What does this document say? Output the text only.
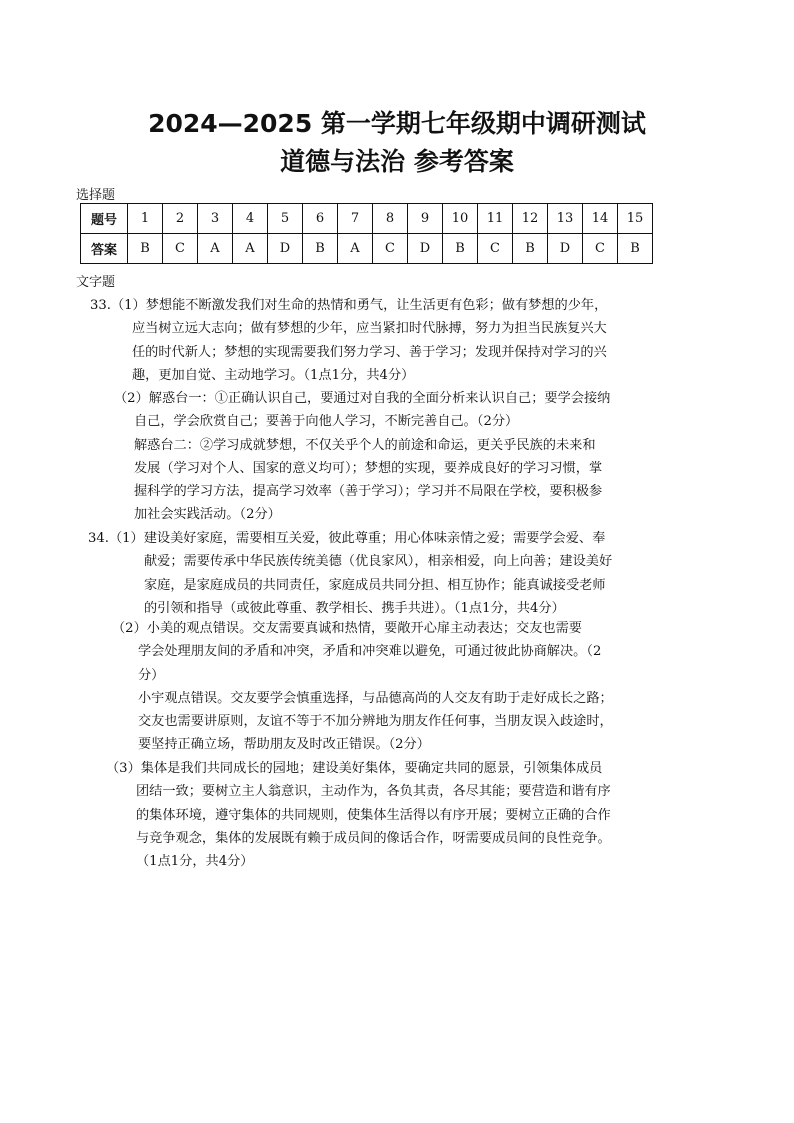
2024—2025 第一学期七年级期中调研测试
道德与法治 参考答案
选择题
题号	1	2	3	4	5	6	7	8	9	10	11	12	13	14	15
答案	B	C	A	A	D	B	A	C	D	B	C	B	D	C	B
文字题
33.（1）梦想能不断激发我们对生命的热情和勇气，让生活更有色彩；做有梦想的少年，
应当树立远大志向；做有梦想的少年，应当紧扣时代脉搏，努力为担当民族复兴大
任的时代新人；梦想的实现需要我们努力学习、善于学习；发现并保持对学习的兴
趣，更加自觉、主动地学习。（1点1分，共4分）
（2）解惑台一：①正确认识自己，要通过对自我的全面分析来认识自己；要学会接纳
自己，学会欣赏自己；要善于向他人学习，不断完善自己。（2分）
解惑台二：②学习成就梦想，不仅关乎个人的前途和命运，更关乎民族的未来和
发展（学习对个人、国家的意义均可）；梦想的实现，要养成良好的学习习惯，掌
握科学的学习方法，提高学习效率（善于学习）；学习并不局限在学校，要积极参
加社会实践活动。（2分）
34.（1）建设美好家庭，需要相互关爱，彼此尊重；用心体味亲情之爱；需要学会爱、奉
献爱；需要传承中华民族传统美德（优良家风），相亲相爱，向上向善；建设美好
家庭，是家庭成员的共同责任，家庭成员共同分担、相互协作；能真诚接受老师
的引领和指导（或彼此尊重、教学相长、携手共进）。（1点1分，共4分）
（2）小美的观点错误。交友需要真诚和热情，要敞开心扉主动表达；交友也需要
学会处理朋友间的矛盾和冲突，矛盾和冲突难以避免，可通过彼此协商解决。（2
分）
小宇观点错误。交友要学会慎重选择，与品德高尚的人交友有助于走好成长之路；
交友也需要讲原则，友谊不等于不加分辨地为朋友作任何事，当朋友误入歧途时，
要坚持正确立场，帮助朋友及时改正错误。（2分）
（3）集体是我们共同成长的园地；建设美好集体，要确定共同的愿景，引领集体成员
团结一致；要树立主人翁意识，主动作为，各负其责，各尽其能；要营造和谐有序
的集体环境，遵守集体的共同规则，使集体生活得以有序开展；要树立正确的合作
与竞争观念，集体的发展既有赖于成员间的像话合作，呀需要成员间的良性竞争。
（1点1分，共4分）
